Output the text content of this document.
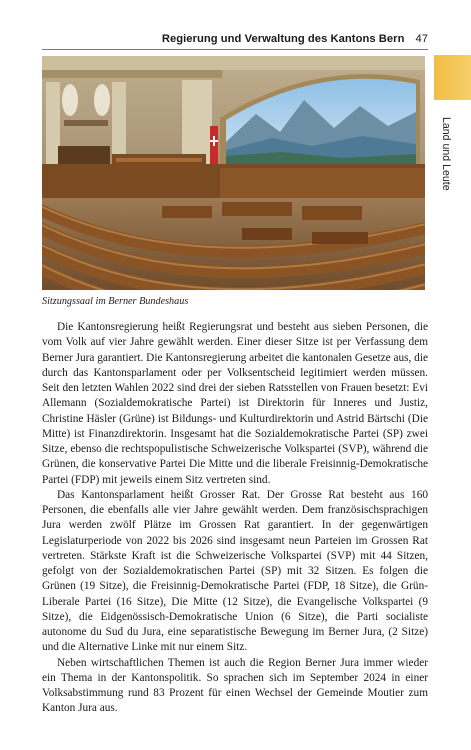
Regierung und Verwaltung des Kantons Bern 47
Land und Leute
Sitzungssaal im Berner Bundeshaus

Die Kantonsregierung heißt Regierungsrat und besteht aus sieben Personen, die vom Volk auf vier Jahre gewählt werden. Einer dieser Sitze ist per Verfassung dem Berner Jura garantiert. Die Kantonsregierung arbeitet die kantonalen Gesetze aus, die durch das Kantonsparlament oder per Volksentscheid legitimiert werden müssen. Seit den letzten Wahlen 2022 sind drei der sieben Ratsstellen von Frauen besetzt: Evi Allemann (Sozialdemokratische Partei) ist Direktorin für Inneres und Justiz, Christine Häsler (Grüne) ist Bildungs- und Kulturdirektorin und Astrid Bärtschi (Die Mitte) ist Finanzdirektorin. Insgesamt hat die Sozialdemokratische Partei (SP) zwei Sitze, ebenso die rechtspopulistische Schweizerische Volkspartei (SVP), während die Grünen, die konservative Partei Die Mitte und die liberale Freisinnig-Demokratische Partei (FDP) mit jeweils einem Sitz vertreten sind.

Das Kantonsparlament heißt Grosser Rat. Der Grosse Rat besteht aus 160 Personen, die ebenfalls alle vier Jahre gewählt werden. Dem französischsprachigen Jura werden zwölf Plätze im Grossen Rat garantiert. In der gegenwärtigen Legislaturperiode von 2022 bis 2026 sind insgesamt neun Parteien im Grossen Rat vertreten. Stärkste Kraft ist die Schweizerische Volkspartei (SVP) mit 44 Sitzen, gefolgt von der Sozialdemokratischen Partei (SP) mit 32 Sitzen. Es folgen die Grünen (19 Sitze), die Freisinnig-Demokratische Partei (FDP, 18 Sitze), die Grün-Liberale Partei (16 Sitze), Die Mitte (12 Sitze), die Evangelische Volkspartei (9 Sitze), die Eidgenössisch-Demokratische Union (6 Sitze), die Parti socialiste autonome du Sud du Jura, eine separatistische Bewegung im Berner Jura, (2 Sitze) und die Alternative Linke mit nur einem Sitz.

Neben wirtschaftlichen Themen ist auch die Region Berner Jura immer wieder ein Thema in der Kantonspolitik. So sprachen sich im September 2024 in einer Volksabstimmung rund 83 Prozent für einen Wechsel der Gemeinde Moutier zum Kanton Jura aus.
